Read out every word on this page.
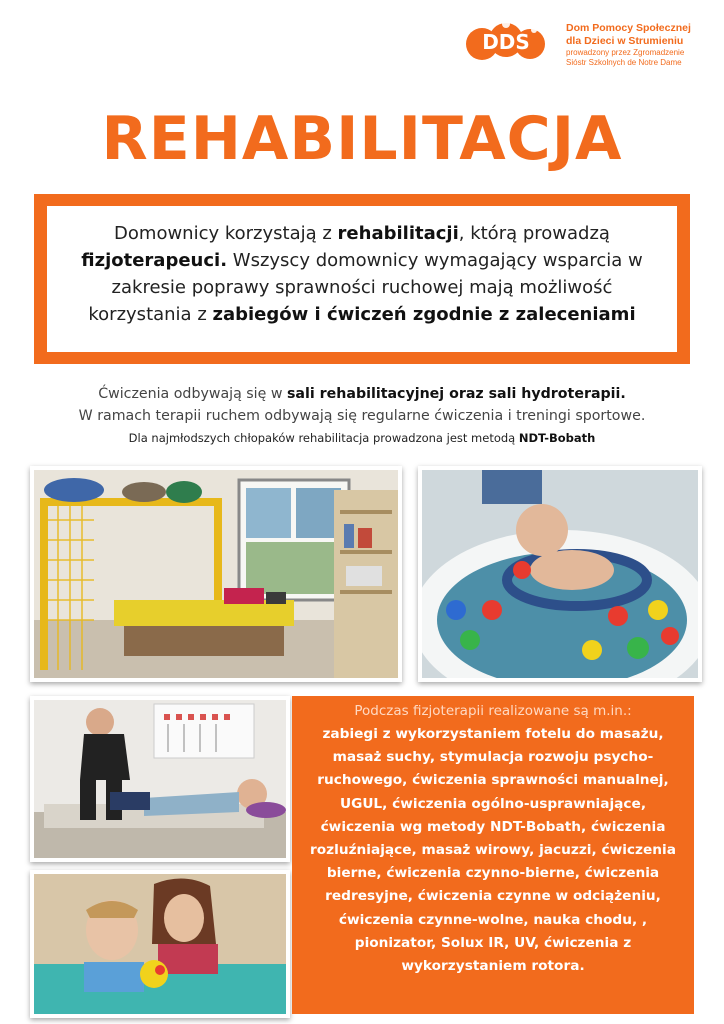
DDS
Dom Pomocy Społecznej
dla Dzieci w Strumieniu
prowadzony przez Zgromadzenie
Sióstr Szkolnych de Notre Dame
REHABILITACJA
Domownicy korzystają z rehabilitacji, którą prowadzą fizjoterapeuci. Wszyscy domownicy wymagający wsparcia w zakresie poprawy sprawności ruchowej mają możliwość korzystania z zabiegów i ćwiczeń zgodnie z zaleceniami
Ćwiczenia odbywają się w sali rehabilitacyjnej oraz sali hydroterapii.
W ramach terapii ruchem odbywają się regularne ćwiczenia i treningi sportowe.
Dla najmłodszych chłopaków rehabilitacja prowadzona jest metodą NDT-Bobath
Podczas fizjoterapii realizowane są m.in.:
zabiegi z wykorzystaniem fotelu do masażu, masaż suchy, stymulacja rozwoju psycho-ruchowego, ćwiczenia sprawności manualnej, UGUL, ćwiczenia ogólno-usprawniające, ćwiczenia wg metody NDT-Bobath, ćwiczenia rozluźniające, masaż wirowy, jacuzzi, ćwiczenia bierne, ćwiczenia czynno-bierne, ćwiczenia redresyjne, ćwiczenia czynne w odciążeniu, ćwiczenia czynne-wolne, nauka chodu, , pionizator, Solux IR, UV, ćwiczenia z wykorzystaniem rotora.
